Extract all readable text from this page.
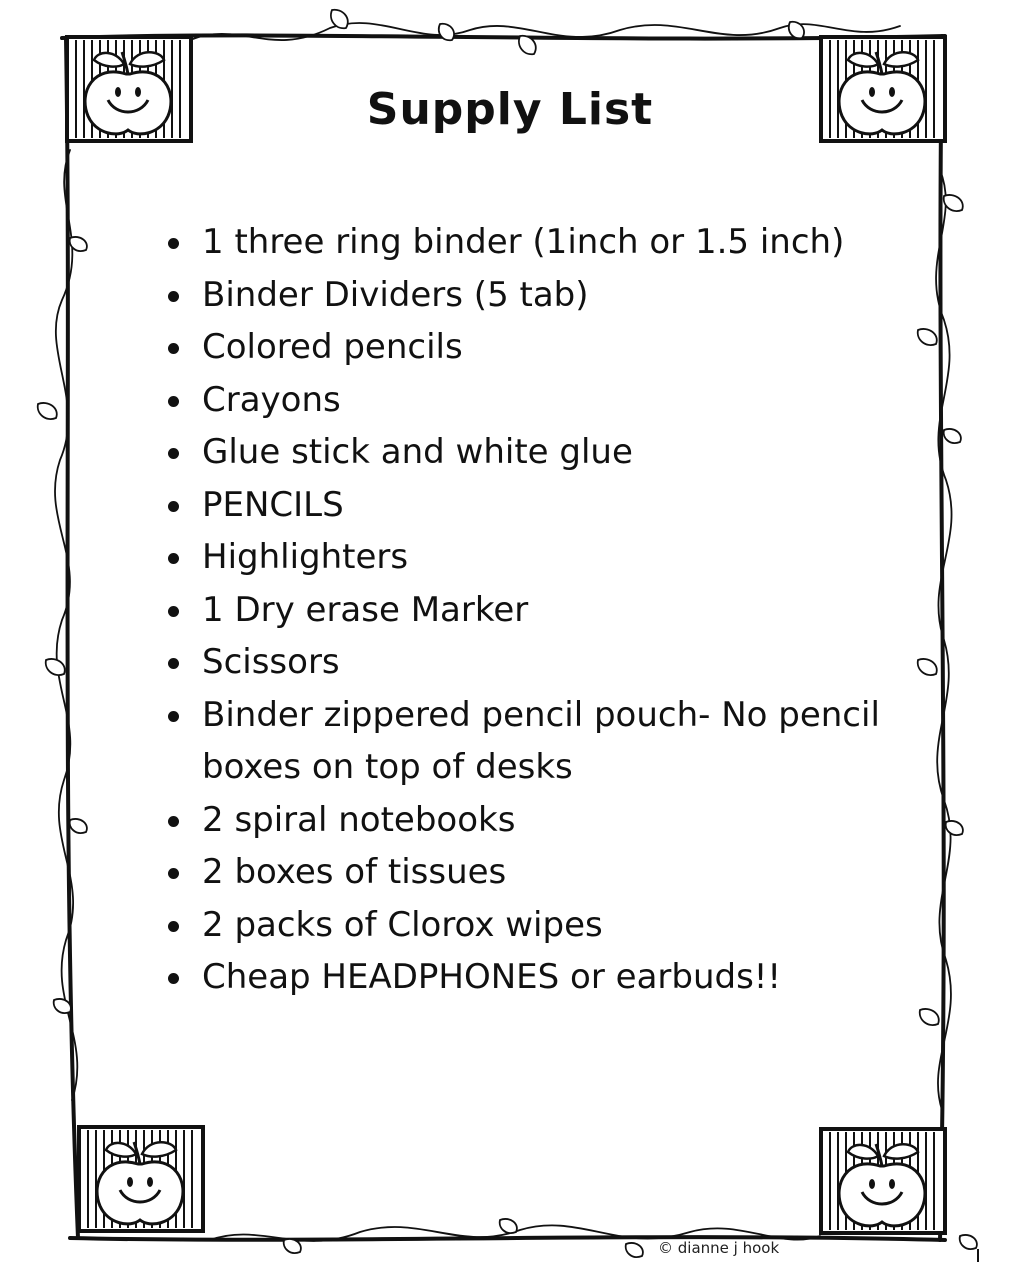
Supply List
1 three ring binder (1inch or 1.5 inch)
Binder Dividers (5 tab)
Colored pencils
Crayons
Glue stick and white glue
PENCILS
Highlighters
1 Dry erase Marker
Scissors
Binder zippered pencil pouch- No pencil boxes on top of desks
2 spiral notebooks
2 boxes of tissues
2 packs of Clorox wipes
Cheap HEADPHONES or earbuds!!
© dianne j hook
